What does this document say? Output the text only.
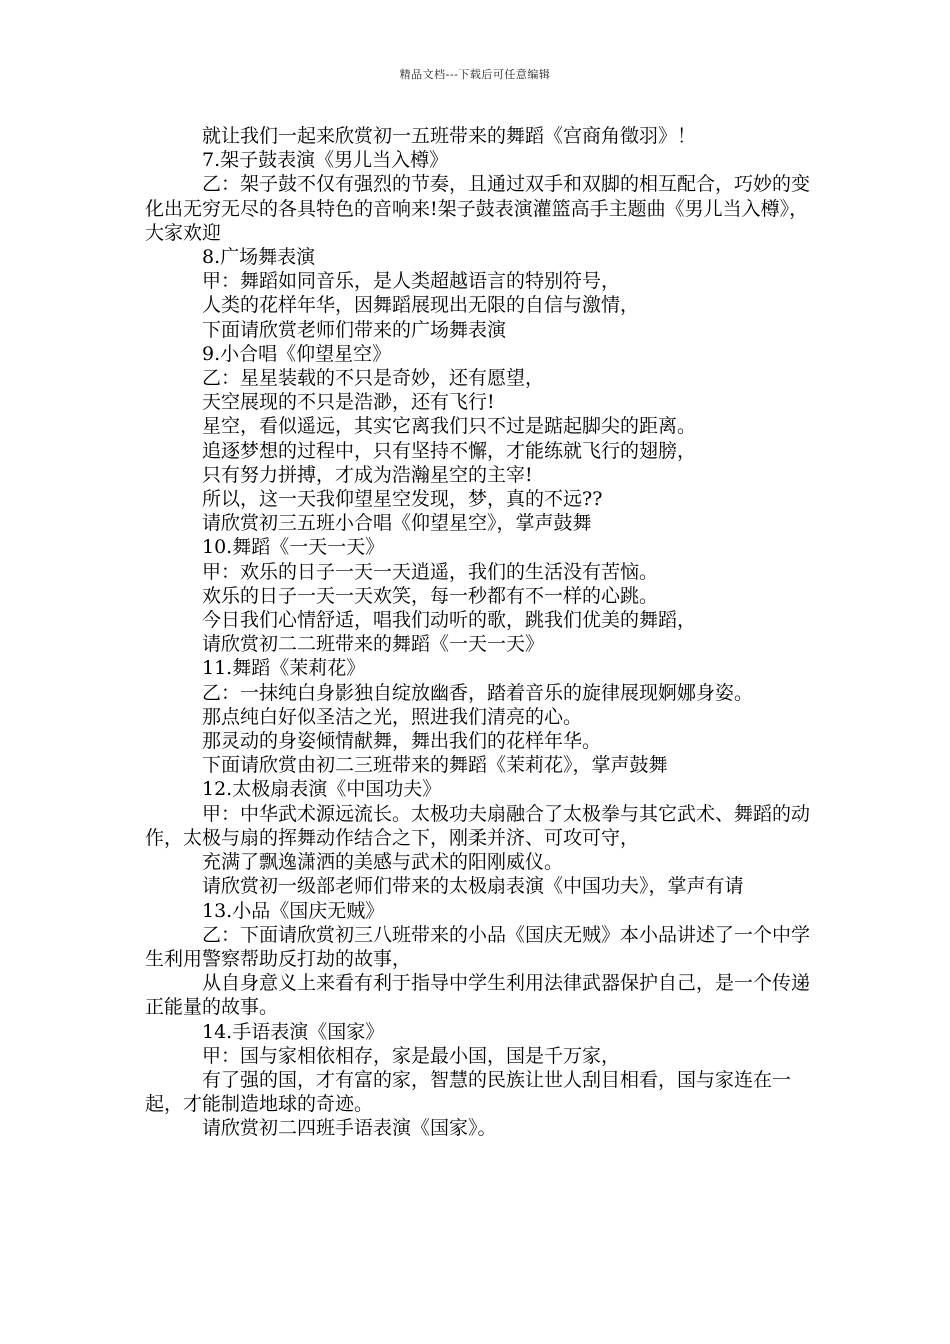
精品文档---下载后可任意编辑

就让我们一起来欣赏初一五班带来的舞蹈《宫商角徵羽》！

7.架子鼓表演《男儿当入樽》

乙：架子鼓不仅有强烈的节奏，且通过双手和双脚的相互配合，巧妙的变化出无穷无尽的各具特色的音响来!架子鼓表演灌篮高手主题曲《男儿当入樽》，大家欢迎

8.广场舞表演

甲：舞蹈如同音乐，是人类超越语言的特别符号，

人类的花样年华，因舞蹈展现出无限的自信与激情，

下面请欣赏老师们带来的广场舞表演

9.小合唱《仰望星空》

乙：星星装载的不只是奇妙，还有愿望，

天空展现的不只是浩渺，还有飞行!

星空，看似遥远，其实它离我们只不过是踮起脚尖的距离。

追逐梦想的过程中，只有坚持不懈，才能练就飞行的翅膀，

只有努力拼搏，才成为浩瀚星空的主宰!

所以，这一天我仰望星空发现，梦，真的不远??

请欣赏初三五班小合唱《仰望星空》，掌声鼓舞

10.舞蹈《一天一天》

甲：欢乐的日子一天一天逍遥，我们的生活没有苦恼。

欢乐的日子一天一天欢笑，每一秒都有不一样的心跳。

今日我们心情舒适，唱我们动听的歌，跳我们优美的舞蹈，

请欣赏初二二班带来的舞蹈《一天一天》

11.舞蹈《茉莉花》

乙：一抹纯白身影独自绽放幽香，踏着音乐的旋律展现婀娜身姿。

那点纯白好似圣洁之光，照进我们清亮的心。

那灵动的身姿倾情献舞，舞出我们的花样年华。

下面请欣赏由初二三班带来的舞蹈《茉莉花》，掌声鼓舞

12.太极扇表演《中国功夫》

甲：中华武术源远流长。太极功夫扇融合了太极拳与其它武术、舞蹈的动作，太极与扇的挥舞动作结合之下，刚柔并济、可攻可守，

充满了飘逸潇洒的美感与武术的阳刚威仪。

请欣赏初一级部老师们带来的太极扇表演《中国功夫》，掌声有请

13.小品《国庆无贼》

乙：下面请欣赏初三八班带来的小品《国庆无贼》本小品讲述了一个中学生利用警察帮助反打劫的故事，

从自身意义上来看有利于指导中学生利用法律武器保护自己，是一个传递正能量的故事。

14.手语表演《国家》

甲：国与家相依相存，家是最小国，国是千万家，

有了强的国，才有富的家，智慧的民族让世人刮目相看，国与家连在一起，才能制造地球的奇迹。

请欣赏初二四班手语表演《国家》。
